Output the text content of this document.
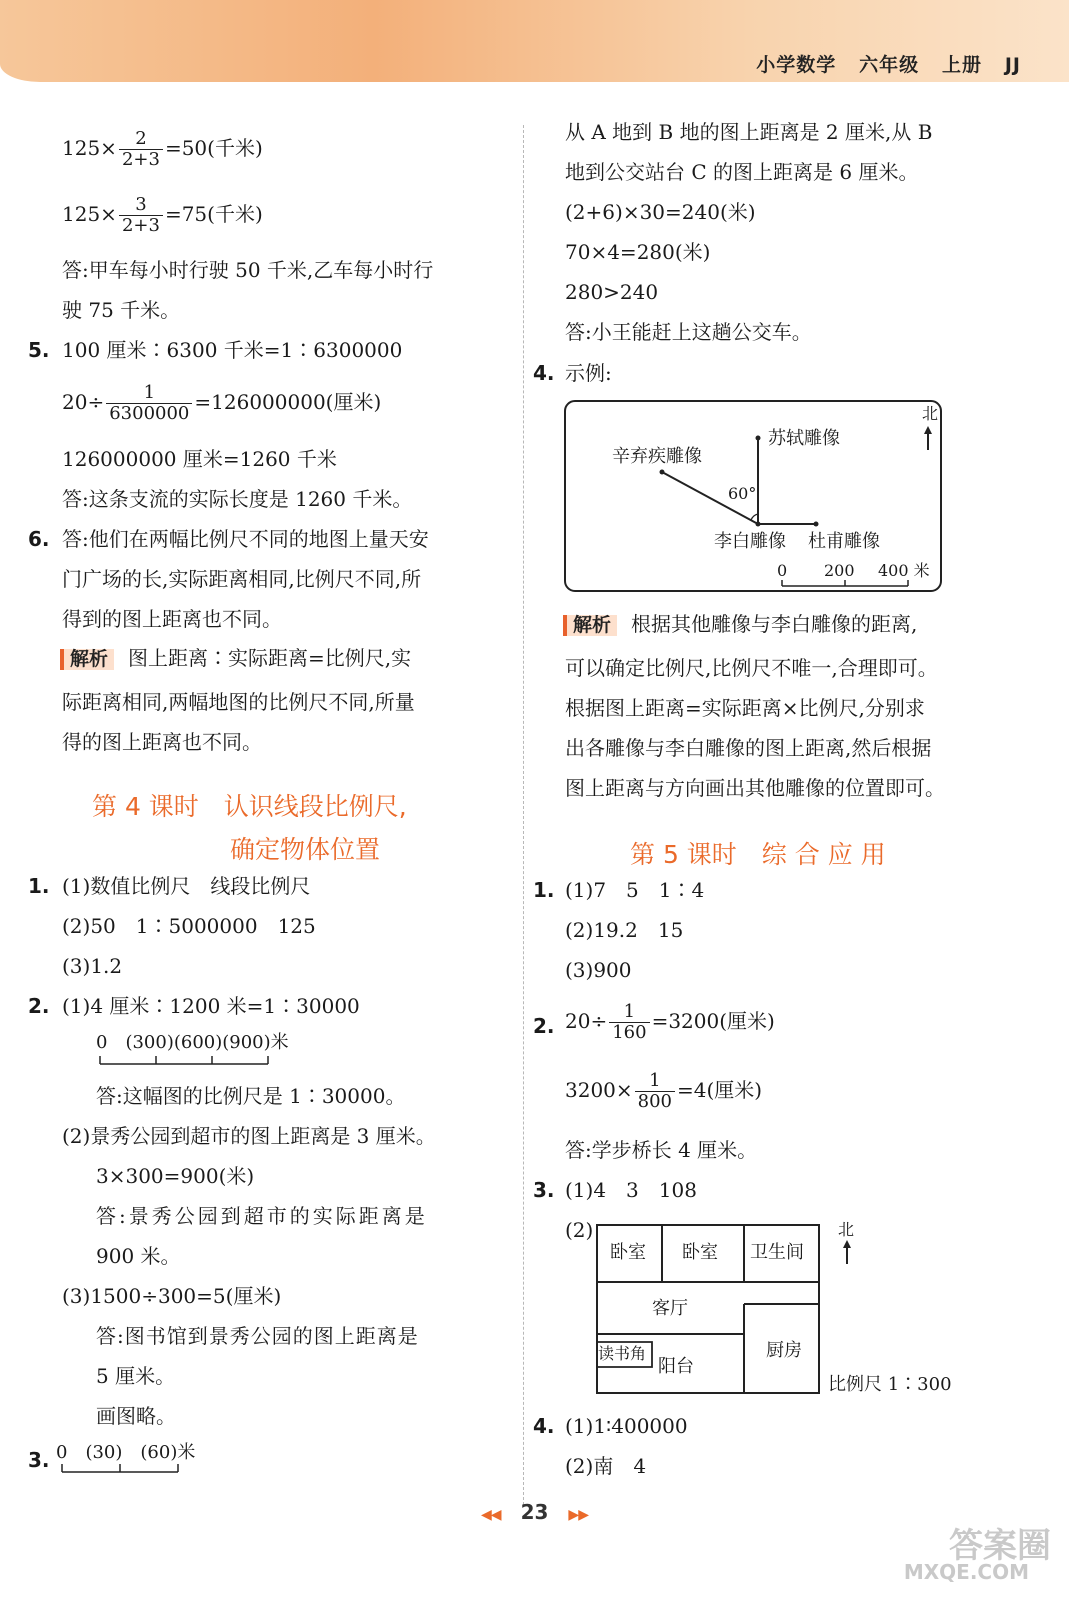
小学数学 六年级 上册 JJ
$125\times \frac{2}{2+3} =50$(千米)
$125\times \frac{3}{2+3} =75$(千米)
答:甲车每小时行驶 50 千米,乙车每小时行
驶 75 千米。
5. 100 厘米∶6300 千米=1∶6300000
$20\div \frac{1}{6300000} =126000000$(厘米)
126000000 厘米=1260 千米
答:这条支流的实际长度是 1260 千米。
6. 答:他们在两幅比例尺不同的地图上量天安
门广场的长,实际距离相同,比例尺不同,所
得到的图上距离也不同。
解析 图上距离∶实际距离=比例尺,实
际距离相同,两幅地图的比例尺不同,所量
得的图上距离也不同。
第 4 课时　认识线段比例尺,
确定物体位置
1. (1)数值比例尺　线段比例尺
(2)50　1∶5000000　125
(3)1.2
2. (1)4 厘米∶1200 米=1∶30000
0　(300)(600)(900)米
答:这幅图的比例尺是 1∶30000。
(2)景秀公园到超市的图上距离是 3 厘米。
3×300=900(米)
答:景秀公园到超市的实际距离是
900 米。
(3)1500÷300=5(厘米)
答:图书馆到景秀公园的图上距离是
5 厘米。
画图略。
3. 0　(30)　(60)米
从 A 地到 B 地的图上距离是 2 厘米,从 B
地到公交站台 C 的图上距离是 6 厘米。
(2+6)×30=240(米)
70×4=280(米)
280>240
答:小王能赶上这趟公交车。
4. 示例:
北
辛弃疾雕像
苏轼雕像
60°
李白雕像 杜甫雕像
0 200 400 米
解析 根据其他雕像与李白雕像的距离,
可以确定比例尺,比例尺不唯一,合理即可。
根据图上距离=实际距离×比例尺,分别求
出各雕像与李白雕像的图上距离,然后根据
图上距离与方向画出其他雕像的位置即可。
第 5 课时　综 合 应 用
1. (1)7　5　1∶4
(2)19.2　15
(3)900
2. $20\div \frac{1}{160} =3200$(厘米)
$3200\times \frac{1}{800} =4$(厘米)
答:学步桥长 4 厘米。
3. (1)4　3　108
(2)
卧室 卧室 卫生间
客厅
厨房
读书角
阳台
北
比例尺 1∶300
4. (1)1∶400000
(2)南　4
◀◀ 23 ▶▶
答案圈
MXQE.COM
